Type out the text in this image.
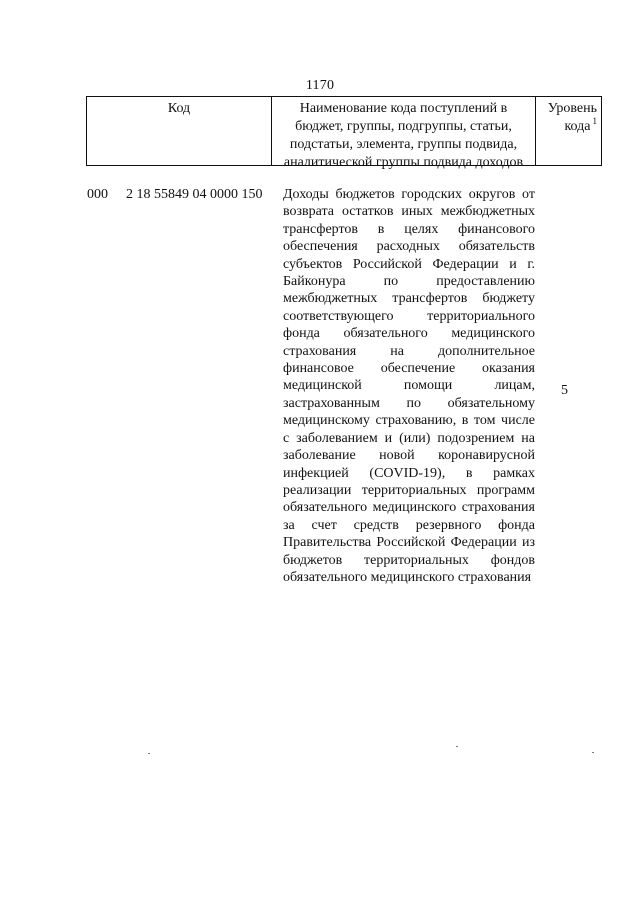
1170
Код	Наименование кода поступлений в бюджет, группы, подгруппы, статьи, подстатьи, элемента, группы подвида, аналитической группы подвида доходов
Уровень кода $^1$
000 2 18 55849 04 0000 150 Доходы бюджетов городских округов от возврата остатков иных межбюджетных трансфертов в целях финансового обеспечения расходных обязательств субъектов Российской Федерации и г. Байконура по предоставлению межбюджетных трансфертов бюджету соответствующего территориального фонда обязательного медицинского страхования на дополнительное финансовое обеспечение оказания медицинской помощи лицам, застрахованным по обязательному медицинскому страхованию, в том числе с заболеванием и (или) подозрением на заболевание новой коронавирусной инфекцией (COVID-19), в рамках реализации территориальных программ обязательного медицинского страхования за счет средств резервного фонда Правительства Российской Федерации из бюджетов территориальных фондов обязательного медицинского страхования
5
